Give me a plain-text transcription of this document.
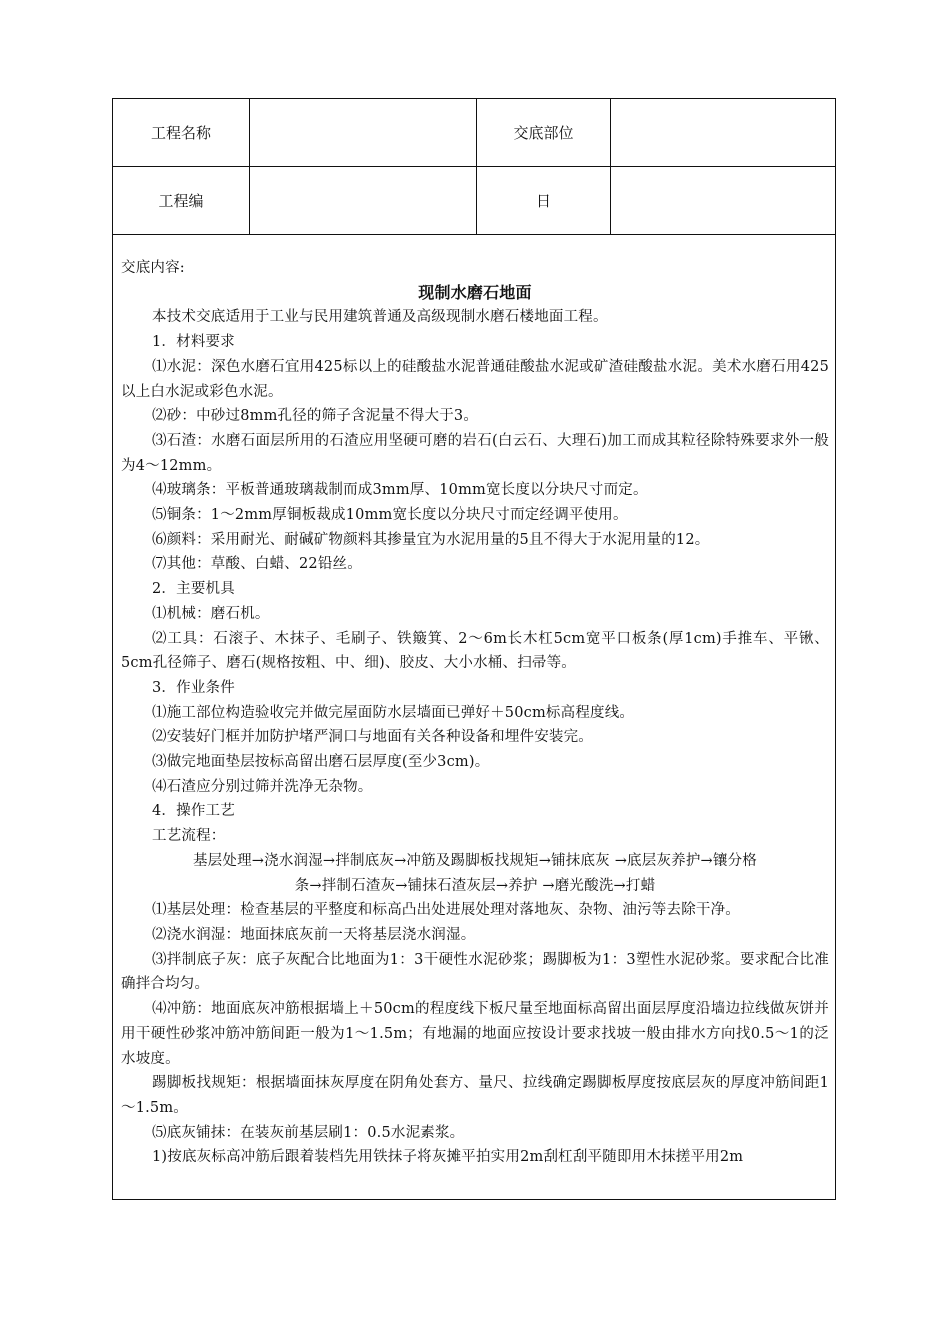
工程名称	交底部位
工程编	日

交底内容:

现制水磨石地面

本技术交底适用于工业与民用建筑普通及高级现制水磨石楼地面工程。

1．材料要求

⑴水泥：深色水磨石宜用425标以上的硅酸盐水泥普通硅酸盐水泥或矿渣硅酸盐水泥。美术水磨石用425以上白水泥或彩色水泥。

⑵砂：中砂过8mm孔径的筛子含泥量不得大于3。

⑶石渣：水磨石面层所用的石渣应用坚硬可磨的岩石(白云石、大理石)加工而成其粒径除特殊要求外一般为4～12mm。

⑷玻璃条：平板普通玻璃裁制而成3mm厚、10mm宽长度以分块尺寸而定。

⑸铜条：1～2mm厚铜板裁成10mm宽长度以分块尺寸而定经调平使用。

⑹颜料：采用耐光、耐碱矿物颜料其掺量宜为水泥用量的5且不得大于水泥用量的12。

⑺其他：草酸、白蜡、22铅丝。

2．主要机具

⑴机械：磨石机。

⑵工具：石滚子、木抹子、毛刷子、铁簸箕、2～6m长木杠5cm宽平口板条(厚1cm)手推车、平锹、5cm孔径筛子、磨石(规格按粗、中、细)、胶皮、大小水桶、扫帚等。

3．作业条件

⑴施工部位构造验收完并做完屋面防水层墙面已弹好＋50cm标高程度线。

⑵安装好门框并加防护堵严洞口与地面有关各种设备和埋件安装完。

⑶做完地面垫层按标高留出磨石层厚度(至少3cm)。

⑷石渣应分别过筛并洗净无杂物。

4．操作工艺

工艺流程：

基层处理→浇水润湿→拌制底灰→冲筋及踢脚板找规矩→铺抹底灰 →底层灰养护→镶分格

条→拌制石渣灰→铺抹石渣灰层→养护 →磨光酸洗→打蜡

⑴基层处理：检查基层的平整度和标高凸出处进展处理对落地灰、杂物、油污等去除干净。

⑵浇水润湿：地面抹底灰前一天将基层浇水润湿。

⑶拌制底子灰：底子灰配合比地面为1：3干硬性水泥砂浆；踢脚板为1：3塑性水泥砂浆。要求配合比准确拌合均匀。

⑷冲筋：地面底灰冲筋根据墙上＋50cm的程度线下板尺量至地面标高留出面层厚度沿墙边拉线做灰饼并用干硬性砂浆冲筋冲筋间距一般为1～1.5m；有地漏的地面应按设计要求找坡一般由排水方向找0.5～1的泛水坡度。

踢脚板找规矩：根据墙面抹灰厚度在阴角处套方、量尺、拉线确定踢脚板厚度按底层灰的厚度冲筋间距1～1.5m。

⑸底灰铺抹：在装灰前基层刷1：0.5水泥素浆。

1)按底灰标高冲筋后跟着装档先用铁抹子将灰摊平拍实用2m刮杠刮平随即用木抹搓平用2m
